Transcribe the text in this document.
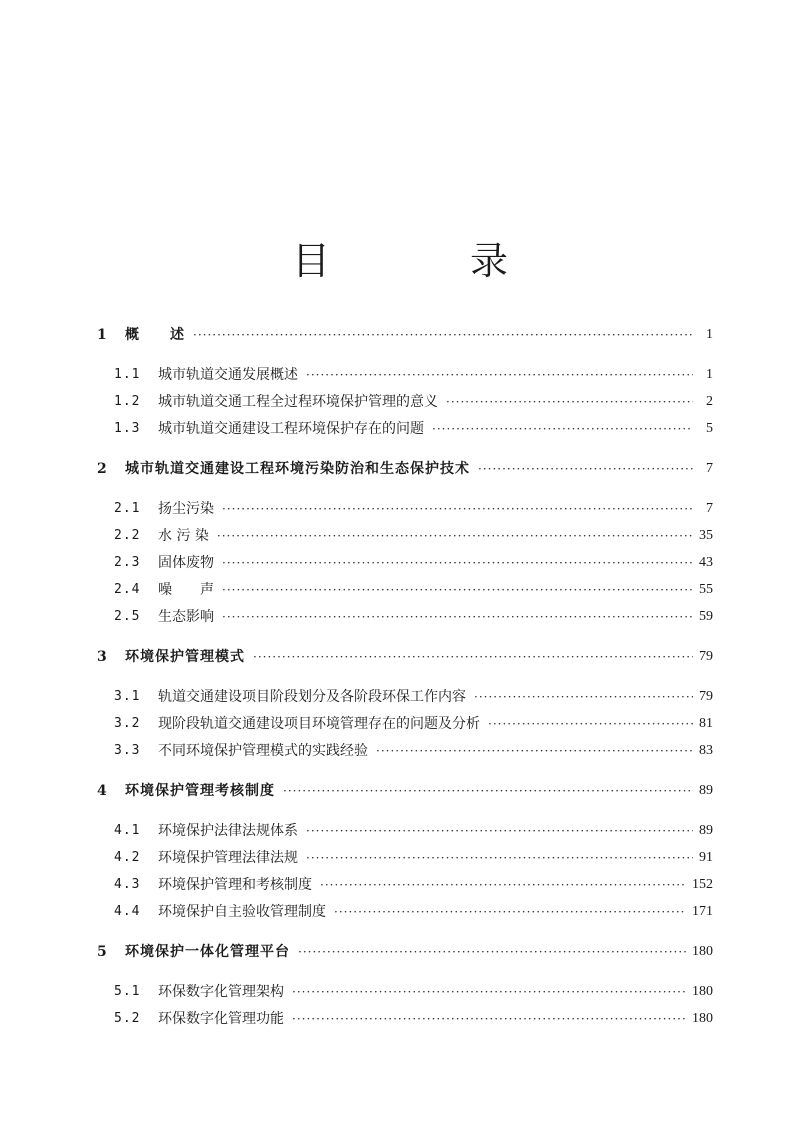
目 录
1	概　　述 ·····	1
1.1	城市轨道交通发展概述 ·····	1
1.2	城市轨道交通工程全过程环境保护管理的意义 ·····	2
1.3	城市轨道交通建设工程环境保护存在的问题 ·····	5
2	城市轨道交通建设工程环境污染防治和生态保护技术 ·····	7
2.1	扬尘污染 ·····	7
2.2	水 污 染 ·····	35
2.3	固体废物 ·····	43
2.4	噪　　声 ·····	55
2.5	生态影响 ·····	59
3	环境保护管理模式 ·····	79
3.1	轨道交通建设项目阶段划分及各阶段环保工作内容 ·····	79
3.2	现阶段轨道交通建设项目环境管理存在的问题及分析 ·····	81
3.3	不同环境保护管理模式的实践经验 ·····	83
4	环境保护管理考核制度 ·····	89
4.1	环境保护法律法规体系 ·····	89
4.2	环境保护管理法律法规 ·····	91
4.3	环境保护管理和考核制度 ·····	152
4.4	环境保护自主验收管理制度 ·····	171
5	环境保护一体化管理平台 ·····	180
5.1	环保数字化管理架构 ·····	180
5.2	环保数字化管理功能 ·····	180
